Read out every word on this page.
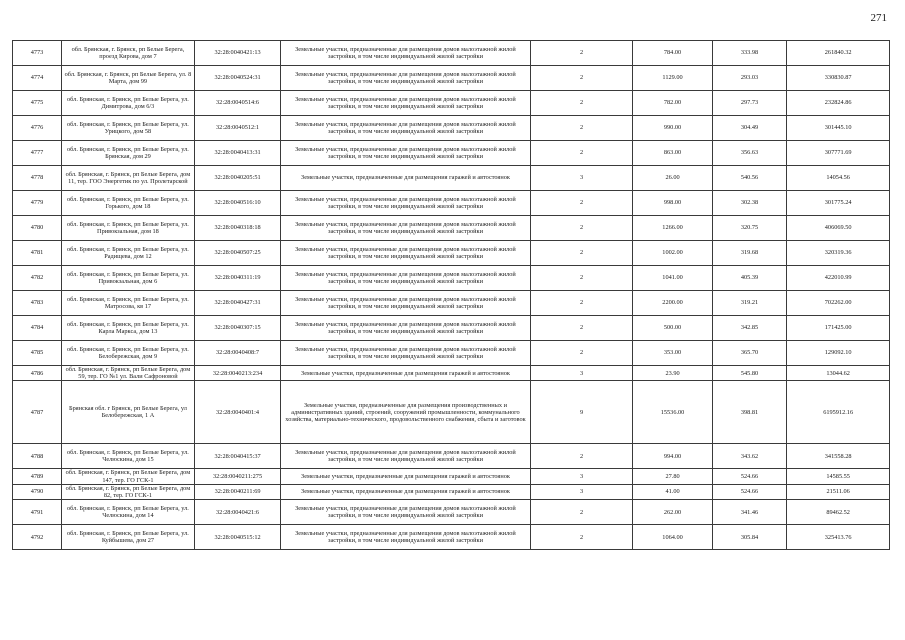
271
4773	обл. Брянская, г. Брянск, рп Белые Берега, проезд Кирова, дом 7	32:28:0040421:13	Земельные участки, предназначенные для размещения домов малоэтажной жилой застройки, в том числе индивидуальной жилой застройки	2	784.00	333.98	261840.32
4774	обл. Брянская, г. Брянск, рп Белые Берега, ул. 8 Марта, дом 99	32:28:0040524:31	Земельные участки, предназначенные для размещения домов малоэтажной жилой застройки, в том числе индивидуальной жилой застройки	2	1129.00	293.03	330830.87
4775	обл. Брянская, г. Брянск, рп Белые Берега, ул. Димитрова, дом 6/3	32:28:0040514:6	Земельные участки, предназначенные для размещения домов малоэтажной жилой застройки, в том числе индивидуальной жилой застройки	2	782.00	297.73	232824.86
4776	обл. Брянская, г. Брянск, рп Белые Берега, ул. Урицкого, дом 58	32:28:0040512:1	Земельные участки, предназначенные для размещения домов малоэтажной жилой застройки, в том числе индивидуальной жилой застройки	2	990.00	304.49	301445.10
4777	обл. Брянская, г. Брянск, рп Белые Берега, ул. Брянская, дом 29	32:28:0040413:31	Земельные участки, предназначенные для размещения домов малоэтажной жилой застройки, в том числе индивидуальной жилой застройки	2	863.00	356.63	307771.69
4778	обл. Брянская, г. Брянск, рп Белые Берега, дом 11, тер. ГОО Энергетик по ул. Пролетарской	32:28:0040205:51	Земельные участки, предназначенные для размещения гаражей и автостоянок	3	26.00	540.56	14054.56
4779	обл. Брянская, г. Брянск, рп Белые Берега, ул. Горького, дом 18	32:28:0040516:10	Земельные участки, предназначенные для размещения домов малоэтажной жилой застройки, в том числе индивидуальной жилой застройки	2	998.00	302.38	301775.24
4780	обл. Брянская, г. Брянск, рп Белые Берега, ул. Привокзальная, дом 18	32:28:0040318:18	Земельные участки, предназначенные для размещения домов малоэтажной жилой застройки, в том числе индивидуальной жилой застройки	2	1266.00	320.75	406069.50
4781	обл. Брянская, г. Брянск, рп Белые Берега, ул. Радищева, дом 12	32:28:0040507:25	Земельные участки, предназначенные для размещения домов малоэтажной жилой застройки, в том числе индивидуальной жилой застройки	2	1002.00	319.68	320319.36
4782	обл. Брянская, г. Брянск, рп Белые Берега, ул. Привокзальная, дом 6	32:28:0040311:19	Земельные участки, предназначенные для размещения домов малоэтажной жилой застройки, в том числе индивидуальной жилой застройки	2	1041.00	405.39	422010.99
4783	обл. Брянская, г. Брянск, рп Белые Берега, ул. Матросова, кв 17	32:28:0040427:31	Земельные участки, предназначенные для размещения домов малоэтажной жилой застройки, в том числе индивидуальной жилой застройки	2	2200.00	319.21	702262.00
4784	обл. Брянская, г. Брянск, рп Белые Берега, ул. Карла Маркса, дом 13	32:28:0040307:15	Земельные участки, предназначенные для размещения домов малоэтажной жилой застройки, в том числе индивидуальной жилой застройки	2	500.00	342.85	171425.00
4785	обл. Брянская, г. Брянск, рп Белые Берега, ул. Белобережская, дом 9	32:28:0040408:7	Земельные участки, предназначенные для размещения домов малоэтажной жилой застройки, в том числе индивидуальной жилой застройки	2	353.00	365.70	129092.10
4786	обл. Брянская, г. Брянск, рп Белые Берега, дом 59, тер. ГО №1 ул. Вали Сафроновой	32:28:0040213:234	Земельные участки, предназначенные для размещения гаражей и автостоянок	3	23.90	545.80	13044.62
4787	Брянская обл. г Брянск, рп Белые Берега, ул Белобережская, 1 А	32:28:0040401:4	Земельные участки, предназначенные для размещения производственных и административных зданий, строений, сооружений промышленности, коммунального хозяйства, материально-технического, продовольственного снабжения, сбыта и заготовок	9	15536.00	398.81	6195912.16
4788	обл. Брянская, г. Брянск, рп Белые Берега, ул. Челюскина, дом 15	32:28:0040415:37	Земельные участки, предназначенные для размещения домов малоэтажной жилой застройки, в том числе индивидуальной жилой застройки	2	994.00	343.62	341558.28
4789	обл. Брянская, г. Брянск, рп Белые Берега, дом 147, тер. ГО ГСК-1	32:28:0040211:275	Земельные участки, предназначенные для размещения гаражей и автостоянок	3	27.80	524.66	14585.55
4790	обл. Брянская, г. Брянск, рп Белые Берега, дом 82, тер. ГО ГСК-1	32:28:0040211:69	Земельные участки, предназначенные для размещения гаражей и автостоянок	3	41.00	524.66	21511.06
4791	обл. Брянская, г. Брянск, рп Белые Берега, ул. Челюскина, дом 14	32:28:0040421:6	Земельные участки, предназначенные для размещения домов малоэтажной жилой застройки, в том числе индивидуальной жилой застройки	2	262.00	341.46	89462.52
4792	обл. Брянская, г. Брянск, рп Белые Берега, ул. Куйбышева, дом 27	32:28:0040515:12	Земельные участки, предназначенные для размещения домов малоэтажной жилой застройки, в том числе индивидуальной жилой застройки	2	1064.00	305.84	325413.76
